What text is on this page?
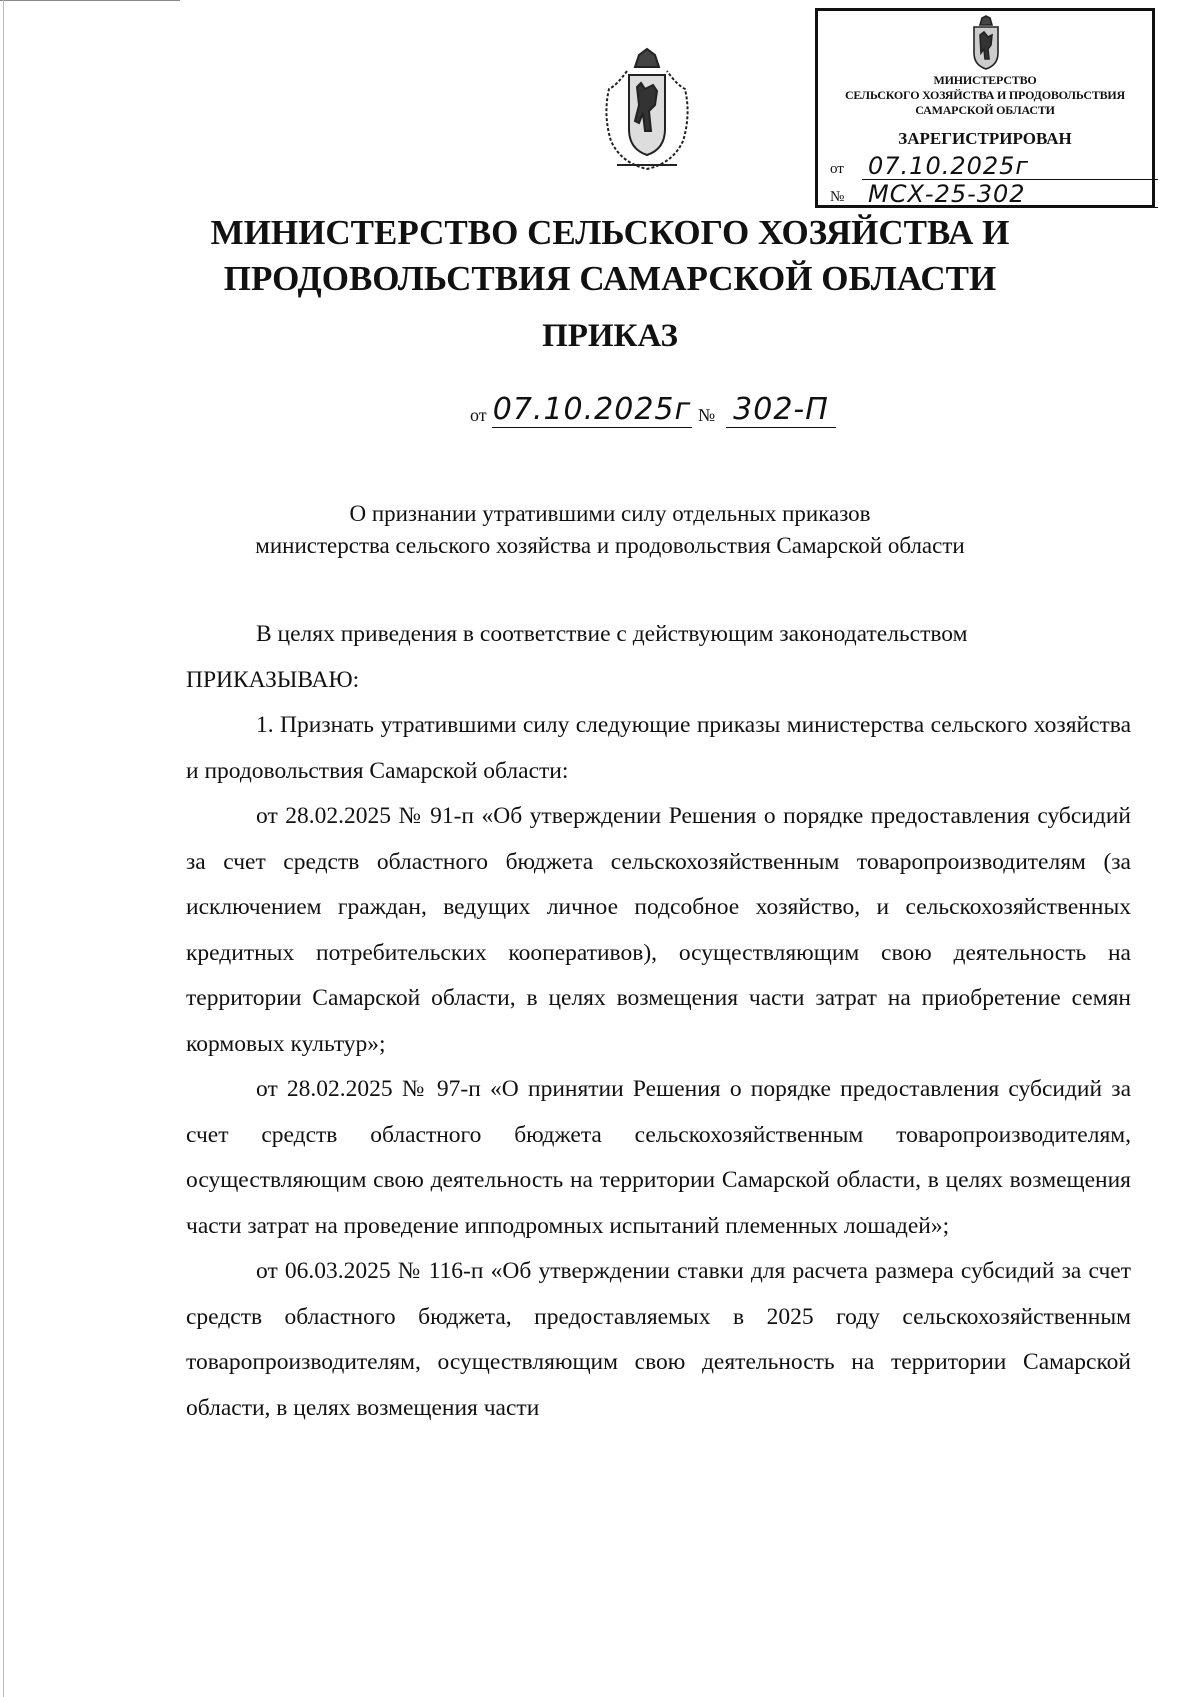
МИНИСТЕРСТВО
СЕЛЬСКОГО ХОЗЯЙСТВА И ПРОДОВОЛЬСТВИЯ
САМАРСКОЙ ОБЛАСТИ
ЗАРЕГИСТРИРОВАН
от 07.10.2025г
№ МСХ-25-302
МИНИСТЕРСТВО СЕЛЬСКОГО ХОЗЯЙСТВА И
ПРОДОВОЛЬСТВИЯ САМАРСКОЙ ОБЛАСТИ
ПРИКАЗ
от 07.10.2025г № 302-П
О признании утратившими силу отдельных приказов
министерства сельского хозяйства и продовольствия Самарской области

В целях приведения в соответствие с действующим законодательством

ПРИКАЗЫВАЮ:

1. Признать утратившими силу следующие приказы министерства сельского хозяйства и продовольствия Самарской области:

от 28.02.2025 № 91-п «Об утверждении Решения о порядке предоставления субсидий за счет средств областного бюджета сельскохозяйственным товаропроизводителям (за исключением граждан, ведущих личное подсобное хозяйство, и сельскохозяйственных кредитных потребительских кооперативов), осуществляющим свою деятельность на территории Самарской области, в целях возмещения части затрат на приобретение семян кормовых культур»;

от 28.02.2025 № 97-п «О принятии Решения о порядке предоставления субсидий за счет средств областного бюджета сельскохозяйственным товаропроизводителям, осуществляющим свою деятельность на территории Самарской области, в целях возмещения части затрат на проведение ипподромных испытаний племенных лошадей»;

от 06.03.2025 № 116-п «Об утверждении ставки для расчета размера субсидий за счет средств областного бюджета, предоставляемых в 2025 году сельскохозяйственным товаропроизводителям, осуществляющим свою деятельность на территории Самарской области, в целях возмещения части
